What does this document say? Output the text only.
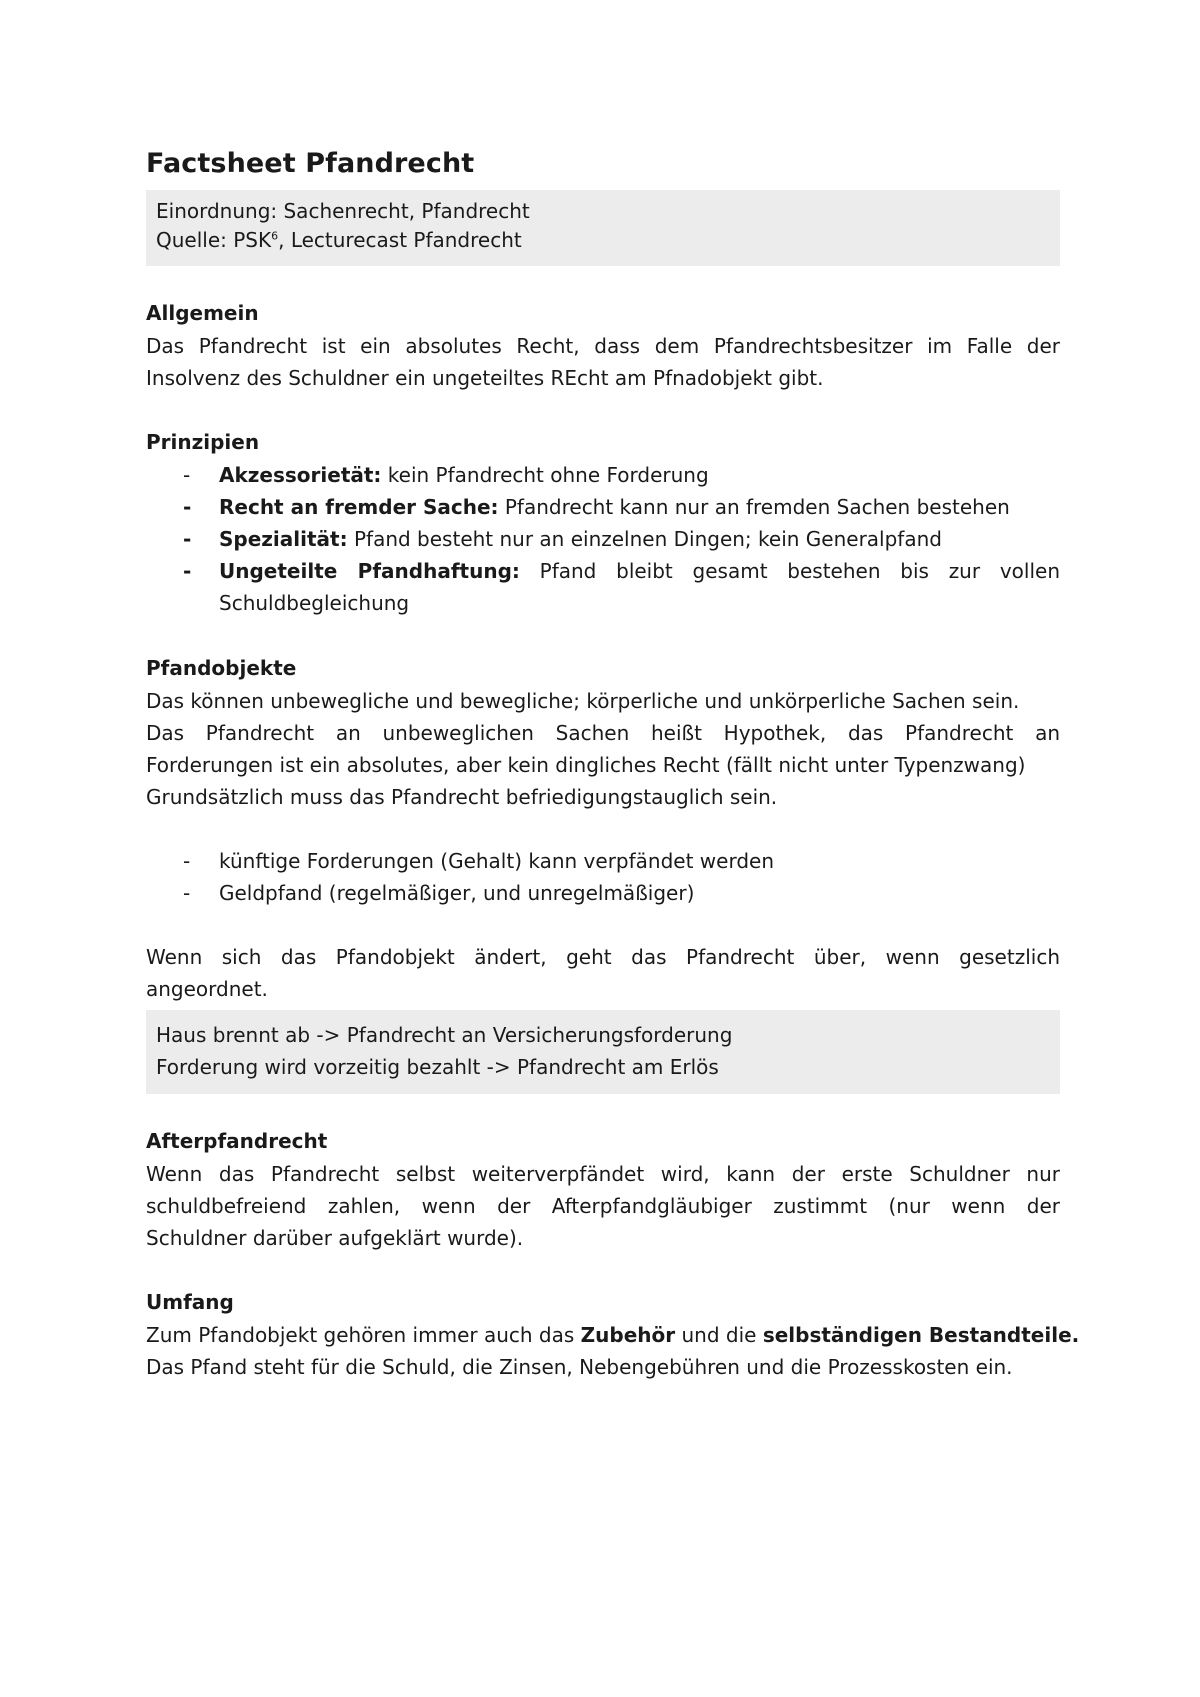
Factsheet Pfandrecht
Einordnung: Sachenrecht, Pfandrecht
Quelle: PSK$^6$, Lecturecast Pfandrecht
Allgemein
Das Pfandrecht ist ein absolutes Recht, dass dem Pfandrechtsbesitzer im Falle der
Insolvenz des Schuldner ein ungeteiltes REcht am Pfnadobjekt gibt.
Prinzipien
- Akzessorietät: kein Pfandrecht ohne Forderung
- Recht an fremder Sache: Pfandrecht kann nur an fremden Sachen bestehen
- Spezialität: Pfand besteht nur an einzelnen Dingen; kein Generalpfand
- Ungeteilte Pfandhaftung: Pfand bleibt gesamt bestehen bis zur vollen
Schuldbegleichung
Pfandobjekte
Das können unbewegliche und bewegliche; körperliche und unkörperliche Sachen sein.
Das Pfandrecht an unbeweglichen Sachen heißt Hypothek, das Pfandrecht an
Forderungen ist ein absolutes, aber kein dingliches Recht (fällt nicht unter Typenzwang)
Grundsätzlich muss das Pfandrecht befriedigungstauglich sein.
- künftige Forderungen (Gehalt) kann verpfändet werden
- Geldpfand (regelmäßiger, und unregelmäßiger)
Wenn sich das Pfandobjekt ändert, geht das Pfandrecht über, wenn gesetzlich
angeordnet.
Haus brennt ab -> Pfandrecht an Versicherungsforderung
Forderung wird vorzeitig bezahlt -> Pfandrecht am Erlös
Afterpfandrecht
Wenn das Pfandrecht selbst weiterverpfändet wird, kann der erste Schuldner nur
schuldbefreiend zahlen, wenn der Afterpfandgläubiger zustimmt (nur wenn der
Schuldner darüber aufgeklärt wurde).
Umfang
Zum Pfandobjekt gehören immer auch das Zubehör und die selbständigen Bestandteile.
Das Pfand steht für die Schuld, die Zinsen, Nebengebühren und die Prozesskosten ein.
